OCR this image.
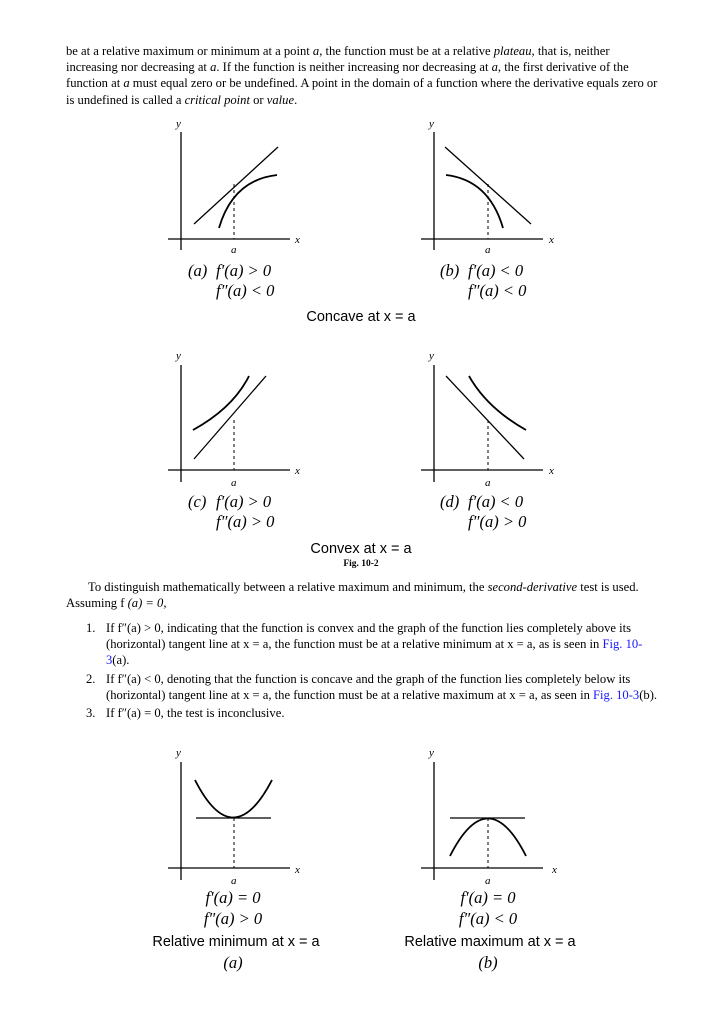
be at a relative maximum or minimum at a point a, the function must be at a relative plateau, that is, neither increasing nor decreasing at a. If the function is neither increasing nor decreasing at a, the first derivative of the function at a must equal zero or be undefined. A point in the domain of a function where the derivative equals zero or is undefined is called a critical point or value.
y
x
a
y
x
a
y
x
a
y
x
a
y
x
a
y
x
a
(a) f′(a) > 0
f″(a) < 0
(b) f′(a) < 0
f″(a) < 0
(c) f′(a) > 0
f″(a) > 0
(d) f′(a) < 0
f″(a) > 0
Concave at x = a
Convex at x = a
Fig. 10-2
f′(a) = 0
f″(a) > 0
(a)
f′(a) = 0
f″(a) < 0
(b)
Relative minimum at x = a	Relative maximum at x = a
To distinguish mathematically between a relative maximum and minimum, the second-derivative test is used. Assuming f (a) = 0,
1. If f″(a) > 0, indicating that the function is convex and the graph of the function lies completely above its (horizontal) tangent line at x = a, the function must be at a relative minimum at x = a, as is seen in Fig. 10-3(a).
2. If f″(a) < 0, denoting that the function is concave and the graph of the function lies completely below its (horizontal) tangent line at x = a, the function must be at a relative maximum at x = a, as seen in Fig. 10-3(b).
3. If f″(a) = 0, the test is inconclusive.
